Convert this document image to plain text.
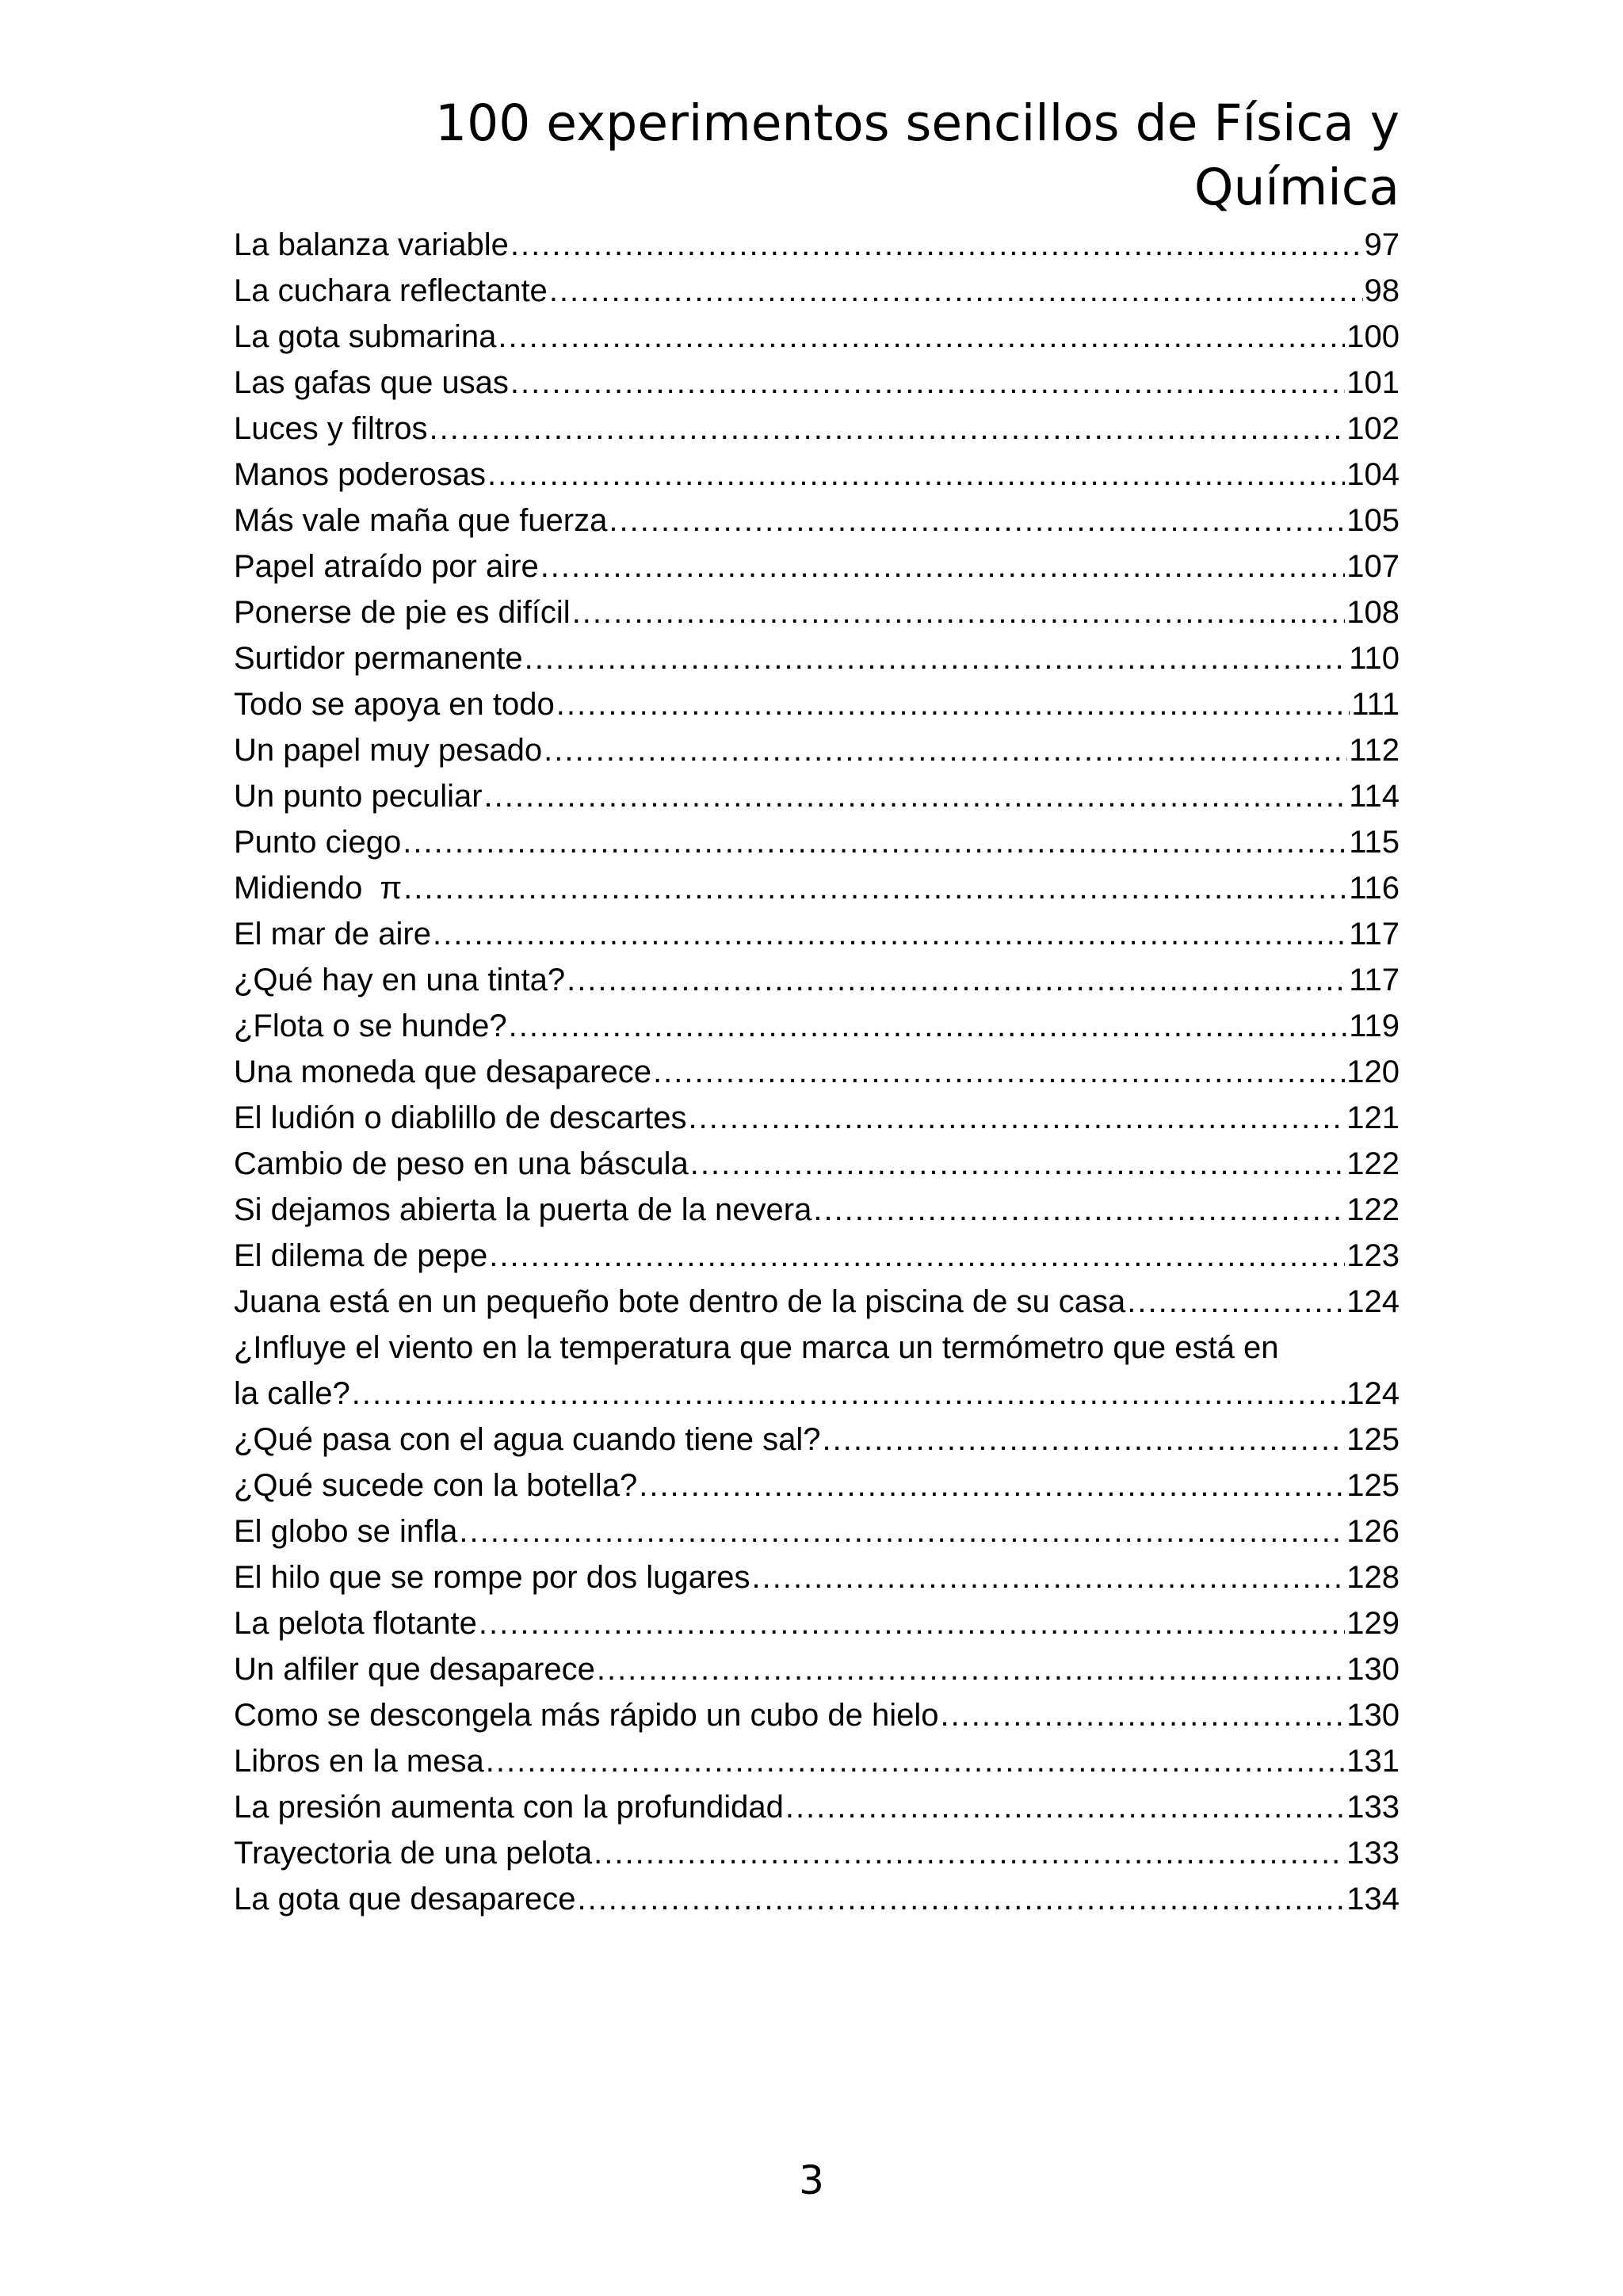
100 experimentos sencillos de Física y
Química
La balanza variable .....	97
La cuchara reflectante .....	98
La gota submarina .....	100
Las gafas que usas .....	101
Luces y filtros .....	102
Manos poderosas .....	104
Más vale maña que fuerza .....	105
Papel atraído por aire .....	107
Ponerse de pie es difícil .....	108
Surtidor permanente .....	110
Todo se apoya en todo .....	111
Un papel muy pesado .....	112
Un punto peculiar .....	114
Punto ciego .....	115
Midiendo  π .....	116
El mar de aire .....	117
¿Qué hay en una tinta? .....	117
¿Flota o se hunde? .....	119
Una moneda que desaparece .....	120
El ludión o diablillo de descartes .....	121
Cambio de peso en una báscula .....	122
Si dejamos abierta la puerta de la nevera .....	122
El dilema de pepe .....	123
Juana está en un pequeño bote dentro de la piscina de su casa .....	124
¿Influye el viento en la temperatura que marca un termómetro que está en
la calle? .....	124
¿Qué pasa con el agua cuando tiene sal? .....	125
¿Qué sucede con la botella? .....	125
El globo se infla .....	126
El hilo que se rompe por dos lugares .....	128
La pelota flotante .....	129
Un alfiler que desaparece .....	130
Como se descongela más rápido un cubo de hielo .....	130
Libros en la mesa .....	131
La presión aumenta con la profundidad .....	133
Trayectoria de una pelota .....	133
La gota que desaparece .....	134
3
